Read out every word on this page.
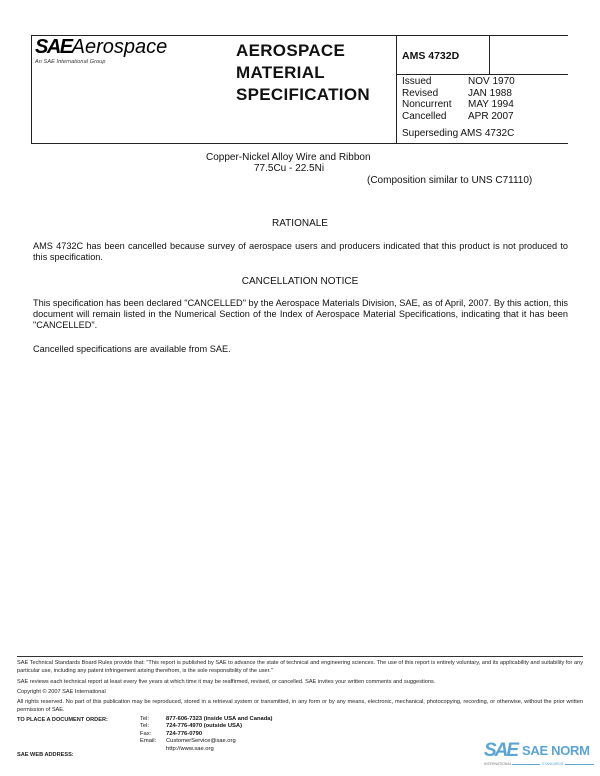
SAEAerospace
An SAE International Group
AEROSPACE
MATERIAL
SPECIFICATION
AMS 4732D
Issued	NOV 1970
Revised	JAN 1988
Noncurrent	MAY 1994
Cancelled	APR 2007
Superseding AMS 4732C
Copper-Nickel Alloy Wire and Ribbon
77.5Cu - 22.5Ni
(Composition similar to UNS C71110)
RATIONALE
AMS 4732C has been cancelled because survey of aerospace users and producers indicated that this product is not produced to this specification.
CANCELLATION NOTICE
This specification has been declared "CANCELLED" by the Aerospace Materials Division, SAE, as of April, 2007. By this action, this document will remain listed in the Numerical Section of the Index of Aerospace Material Specifications, indicating that it has been "CANCELLED".
Cancelled specifications are available from SAE.
SAE Technical Standards Board Rules provide that: "This report is published by SAE to advance the state of technical and engineering sciences. The use of this report is entirely voluntary, and its applicability and suitability for any particular use, including any patent infringement arising therefrom, is the sole responsibility of the user."
SAE reviews each technical report at least every five years at which time it may be reaffirmed, revised, or cancelled. SAE invites your written comments and suggestions.
Copyright © 2007 SAE International
All rights reserved. No part of this publication may be reproduced, stored in a retrieval system or transmitted, in any form or by any means, electronic, mechanical, photocopying, recording, or otherwise, without the prior written permission of SAE.
TO PLACE A DOCUMENT ORDER:	Tel:	877-606-7323 (inside USA and Canada)
Tel:	724-776-4970 (outside USA)
Fax:	724-776-0790
Email:	CustomerService@sae.org
	http://www.sae.org
SAE WEB ADDRESS:	SAE SAE NORM
INTERNATIONAL	STANDARDS
